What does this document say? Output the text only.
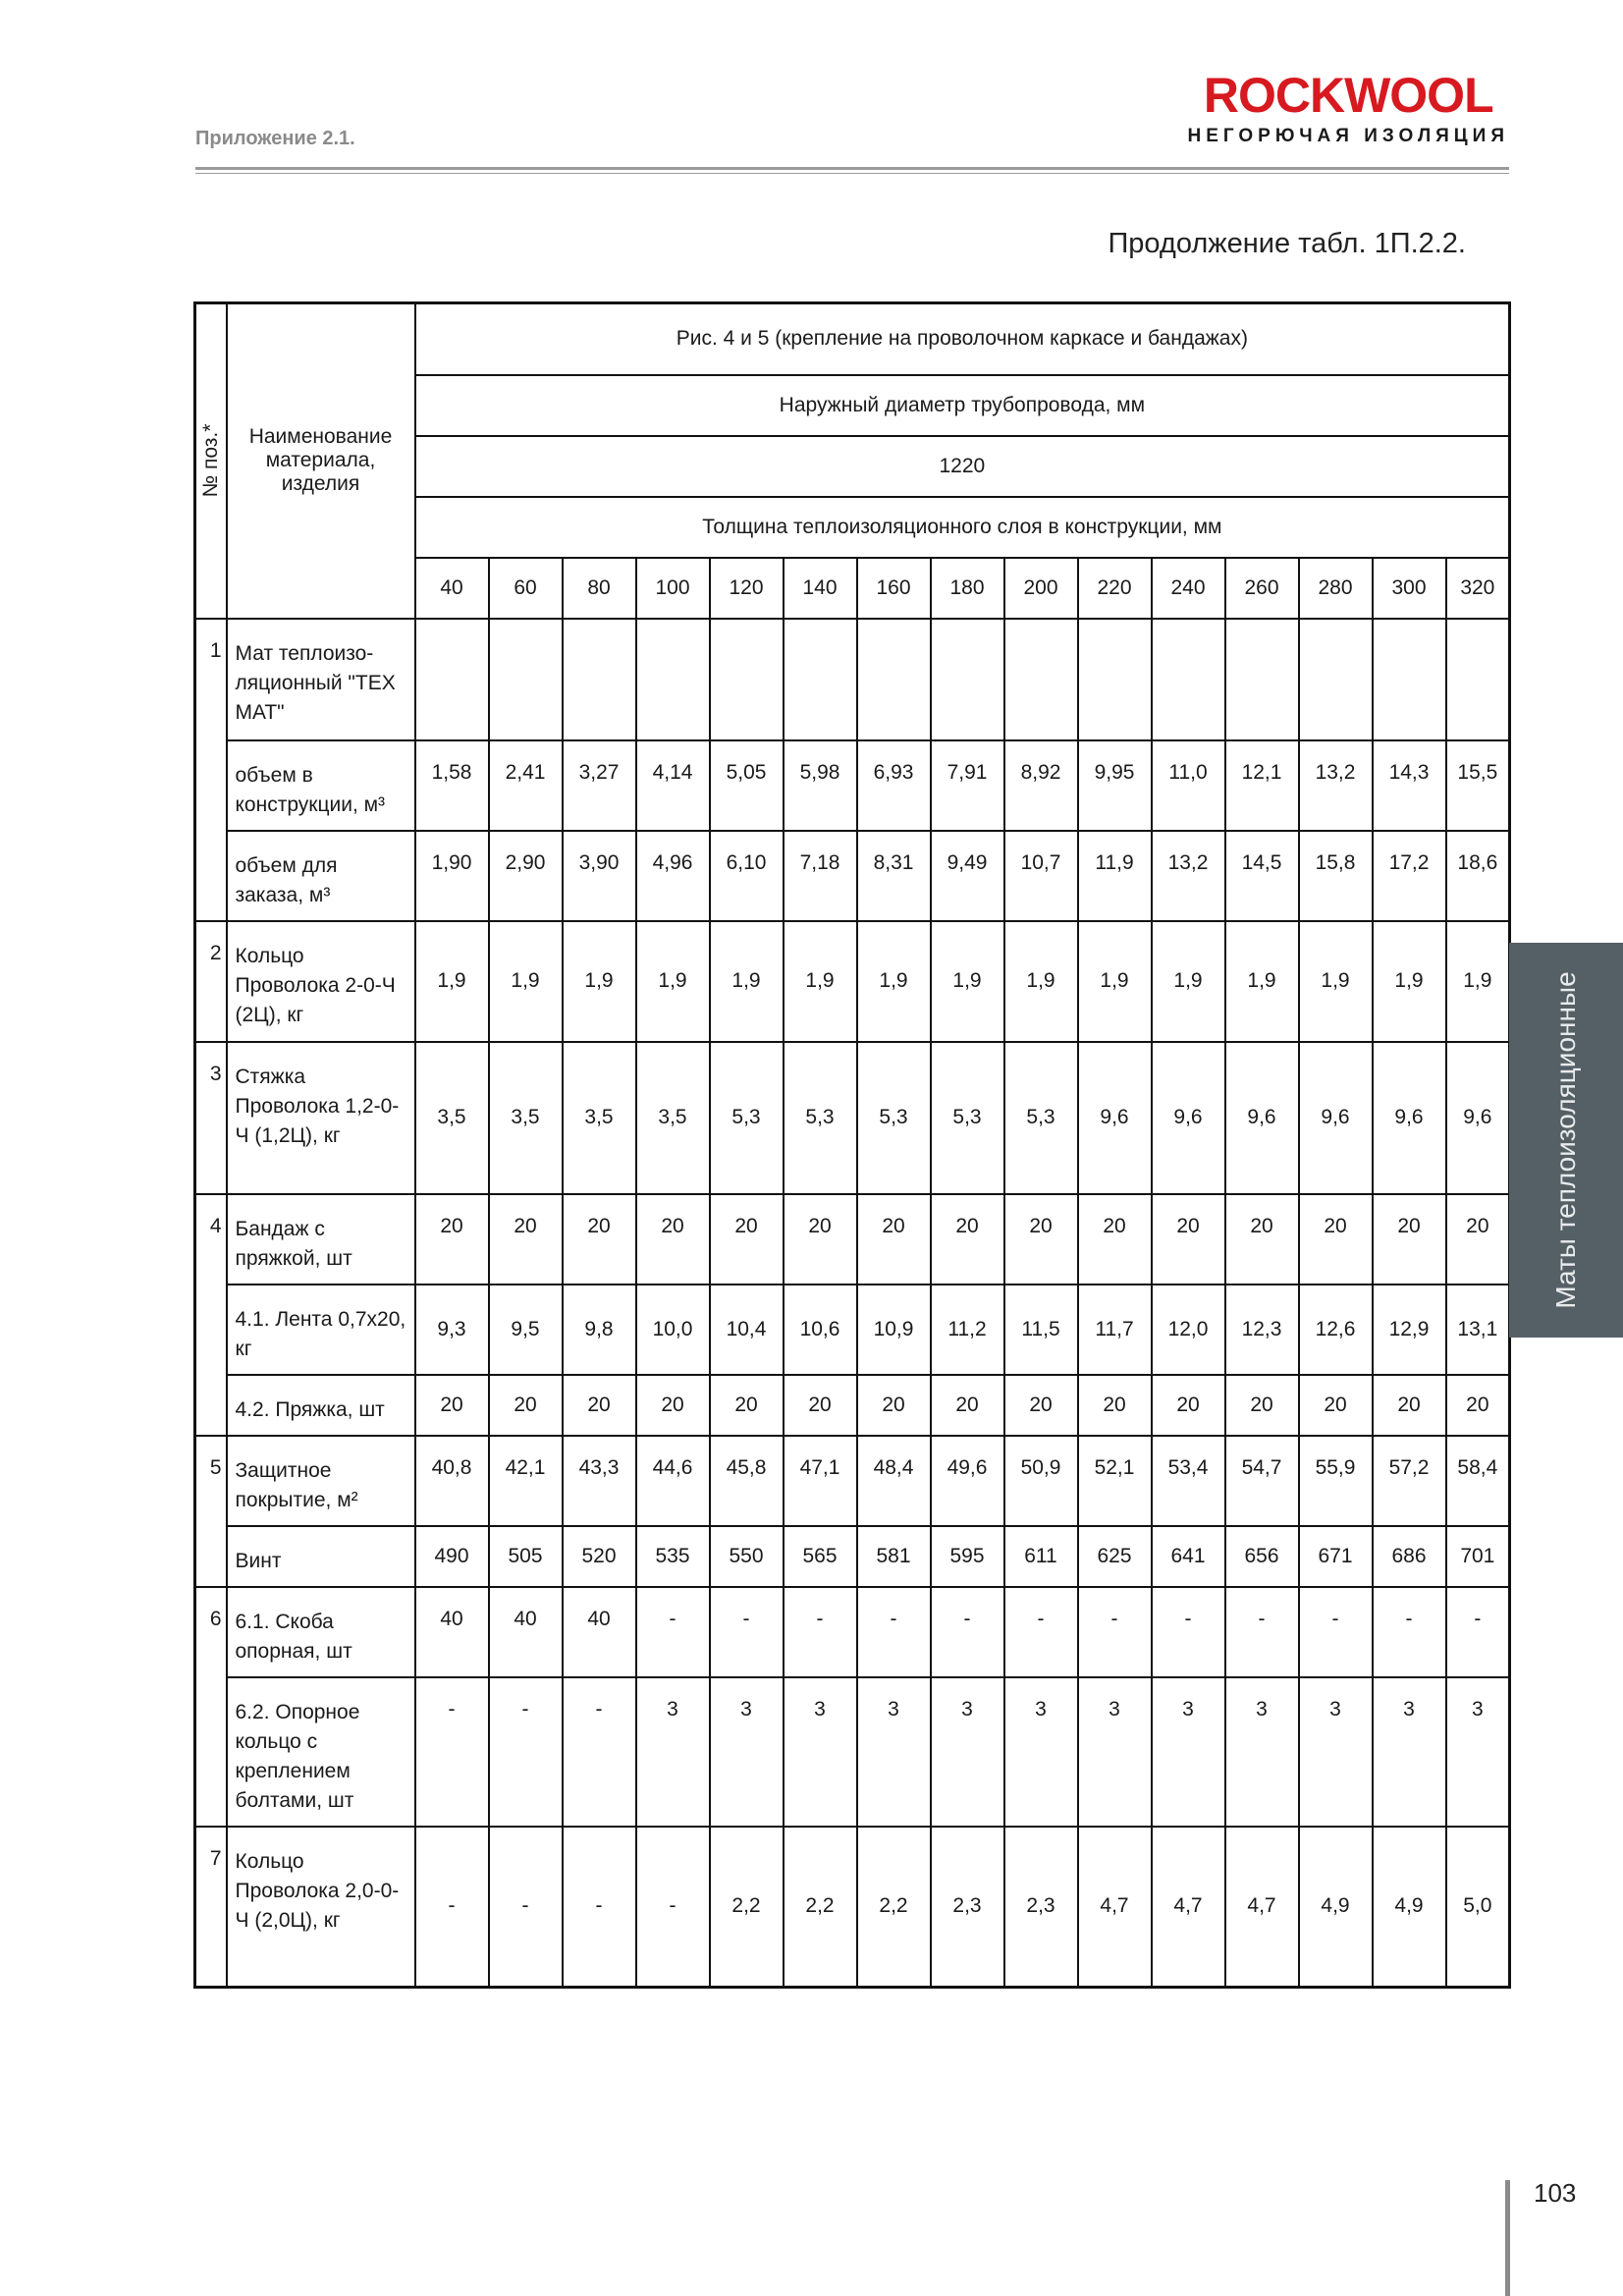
Приложение 2.1.
ROCKWOOL
НЕГОРЮЧАЯ ИЗОЛЯЦИЯ
Продолжение табл. 1П.2.2.
№ поз.*	Наименование материала, изделия	Рис. 4 и 5 (крепление на проволочном каркасе и бандажах)														
		Наружный диаметр трубопровода, мм														
		1220														
		Толщина теплоизоляционного слоя в конструкции, мм														
		40	60	80	100	120	140	160	180	200	220	240	260	280	300	320
1	Мат теплоизо-ляционный "ТЕХ МАТ"															
	объем в конструкции, м³	1,58	2,41	3,27	4,14	5,05	5,98	6,93	7,91	8,92	9,95	11,0	12,1	13,2	14,3	15,5
	объем для заказа, м³	1,90	2,90	3,90	4,96	6,10	7,18	8,31	9,49	10,7	11,9	13,2	14,5	15,8	17,2	18,6
2	Кольцо Проволока 2-0-Ч (2Ц), кг	1,9	1,9	1,9	1,9	1,9	1,9	1,9	1,9	1,9	1,9	1,9	1,9	1,9	1,9	1,9
3	Стяжка Проволока 1,2-0-Ч (1,2Ц), кг	3,5	3,5	3,5	3,5	5,3	5,3	5,3	5,3	5,3	9,6	9,6	9,6	9,6	9,6	9,6
4	Бандаж с пряжкой, шт	20	20	20	20	20	20	20	20	20	20	20	20	20	20	20
	4.1. Лента 0,7х20, кг	9,3	9,5	9,8	10,0	10,4	10,6	10,9	11,2	11,5	11,7	12,0	12,3	12,6	12,9	13,1
	4.2. Пряжка, шт	20	20	20	20	20	20	20	20	20	20	20	20	20	20	20
5	Защитное покрытие, м²	40,8	42,1	43,3	44,6	45,8	47,1	48,4	49,6	50,9	52,1	53,4	54,7	55,9	57,2	58,4
	Винт	490	505	520	535	550	565	581	595	611	625	641	656	671	686	701
6	6.1. Скоба опорная, шт	40	40	40	-	-	-	-	-	-	-	-	-	-	-	-
	6.2. Опорное кольцо с креплением болтами, шт	-	-	-	3	3	3	3	3	3	3	3	3	3	3	3
7	Кольцо Проволока 2,0-0-Ч (2,0Ц), кг	-	-	-	-	2,2	2,2	2,2	2,3	2,3	4,7	4,7	4,7	4,9	4,9	5,0
Маты теплоизоляционные
103
